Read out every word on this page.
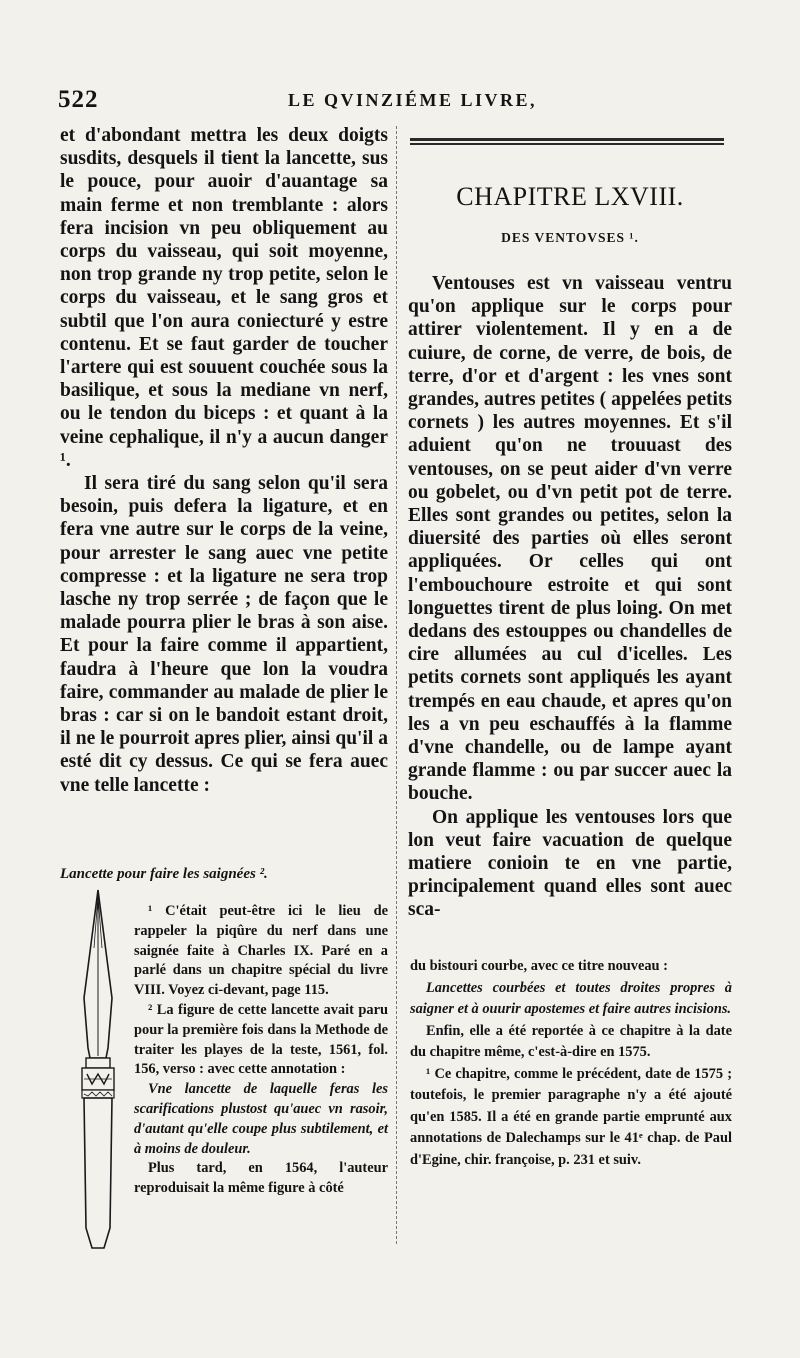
522	LE QVINZIÉME LIVRE,

et d'abondant mettra les deux doigts susdits, desquels il tient la lancette, sus le pouce, pour auoir d'auantage sa main ferme et non tremblante : alors fera incision vn peu obliquement au corps du vaisseau, qui soit moyenne, non trop grande ny trop petite, selon le corps du vaisseau, et le sang gros et subtil que l'on aura coniecturé y estre contenu. Et se faut garder de toucher l'artere qui est souuent couchée sous la basilique, et sous la mediane vn nerf, ou le tendon du biceps : et quant à la veine cephalique, il n'y a aucun danger ¹.

Il sera tiré du sang selon qu'il sera besoin, puis defera la ligature, et en fera vne autre sur le corps de la veine, pour arrester le sang auec vne petite compresse : et la ligature ne sera trop lasche ny trop serrée ; de façon que le malade pourra plier le bras à son aise. Et pour la faire comme il appartient, faudra à l'heure que lon la voudra faire, commander au malade de plier le bras : car si on le bandoit estant droit, il ne le pourroit apres plier, ainsi qu'il a esté dit cy dessus. Ce qui se fera auec vne telle lancette :

Lancette pour faire les saignées ².

¹ C'était peut-être ici le lieu de rappeler la piqûre du nerf dans une saignée faite à Charles IX. Paré en a parlé dans un chapitre spécial du livre VIII. Voyez ci-devant, page 115.

² La figure de cette lancette avait paru pour la première fois dans la Methode de traiter les playes de la teste, 1561, fol. 156, verso : avec cette annotation :

Vne lancette de laquelle feras les scarifications plustost qu'auec vn rasoir, d'autant qu'elle coupe plus subtilement, et à moins de douleur.

Plus tard, en 1564, l'auteur reproduisait la même figure à côté

CHAPITRE LXVIII.
DES VENTOVSES ¹.

Ventouses est vn vaisseau ventru qu'on applique sur le corps pour attirer violentement. Il y en a de cuiure, de corne, de verre, de bois, de terre, d'or et d'argent : les vnes sont grandes, autres petites ( appelées petits cornets ) les autres moyennes. Et s'il aduient qu'on ne trouuast des ventouses, on se peut aider d'vn verre ou gobelet, ou d'vn petit pot de terre. Elles sont grandes ou petites, selon la diuersité des parties où elles seront appliquées. Or celles qui ont l'embouchoure estroite et qui sont longuettes tirent de plus loing. On met dedans des estouppes ou chandelles de cire allumées au cul d'icelles. Les petits cornets sont appliqués les ayant trempés en eau chaude, et apres qu'on les a vn peu eschauffés à la flamme d'vne chandelle, ou de lampe ayant grande flamme : ou par succer auec la bouche.

On applique les ventouses lors que lon veut faire vacuation de quelque matiere conioin te en vne partie, principalement quand elles sont auec sca-

du bistouri courbe, avec ce titre nouveau :

Lancettes courbées et toutes droites propres à saigner et à ouurir apostemes et faire autres incisions.

Enfin, elle a été reportée à ce chapitre à la date du chapitre même, c'est-à-dire en 1575.

¹ Ce chapitre, comme le précédent, date de 1575 ; toutefois, le premier paragraphe n'y a été ajouté qu'en 1585. Il a été en grande partie emprunté aux annotations de Dalechamps sur le 41ᵉ chap. de Paul d'Egine, chir. françoise, p. 231 et suiv.
